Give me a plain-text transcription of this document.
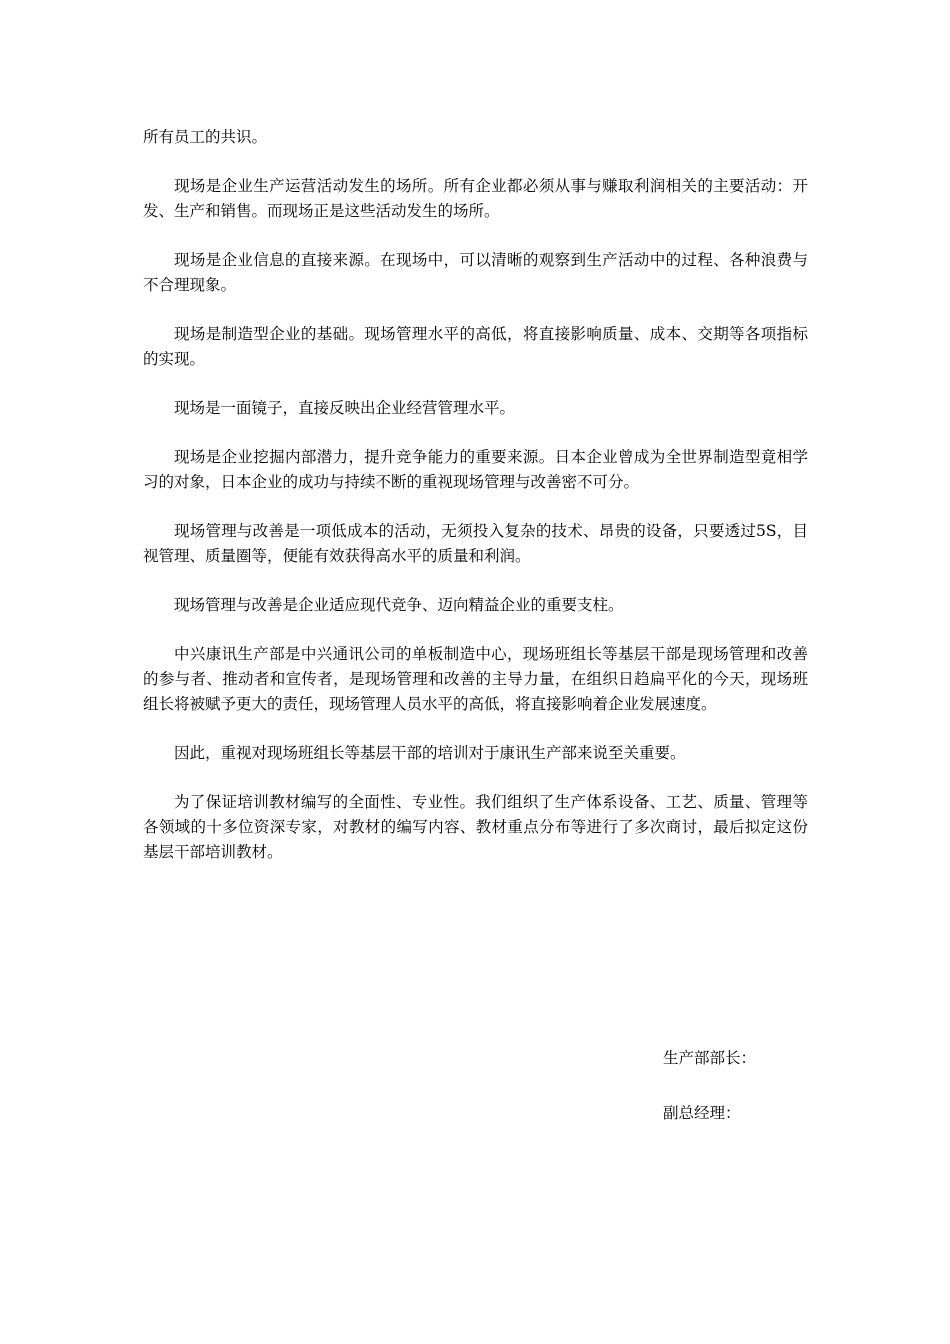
所有员工的共识。

现场是企业生产运营活动发生的场所。所有企业都必须从事与赚取利润相关的主要活动：开发、生产和销售。而现场正是这些活动发生的场所。

现场是企业信息的直接来源。在现场中，可以清晰的观察到生产活动中的过程、各种浪费与不合理现象。

现场是制造型企业的基础。现场管理水平的高低，将直接影响质量、成本、交期等各项指标的实现。

现场是一面镜子，直接反映出企业经营管理水平。

现场是企业挖掘内部潜力，提升竞争能力的重要来源。日本企业曾成为全世界制造型竟相学习的对象，日本企业的成功与持续不断的重视现场管理与改善密不可分。

现场管理与改善是一项低成本的活动，无须投入复杂的技术、昂贵的设备，只要透过5S，目视管理、质量圈等，便能有效获得高水平的质量和利润。

现场管理与改善是企业适应现代竞争、迈向精益企业的重要支柱。

中兴康讯生产部是中兴通讯公司的单板制造中心，现场班组长等基层干部是现场管理和改善的参与者、推动者和宣传者，是现场管理和改善的主导力量，在组织日趋扁平化的今天，现场班组长将被赋予更大的责任，现场管理人员水平的高低，将直接影响着企业发展速度。

因此，重视对现场班组长等基层干部的培训对于康讯生产部来说至关重要。

为了保证培训教材编写的全面性、专业性。我们组织了生产体系设备、工艺、质量、管理等各领域的十多位资深专家，对教材的编写内容、教材重点分布等进行了多次商讨，最后拟定这份基层干部培训教材。

生产部部长：
副总经理：
